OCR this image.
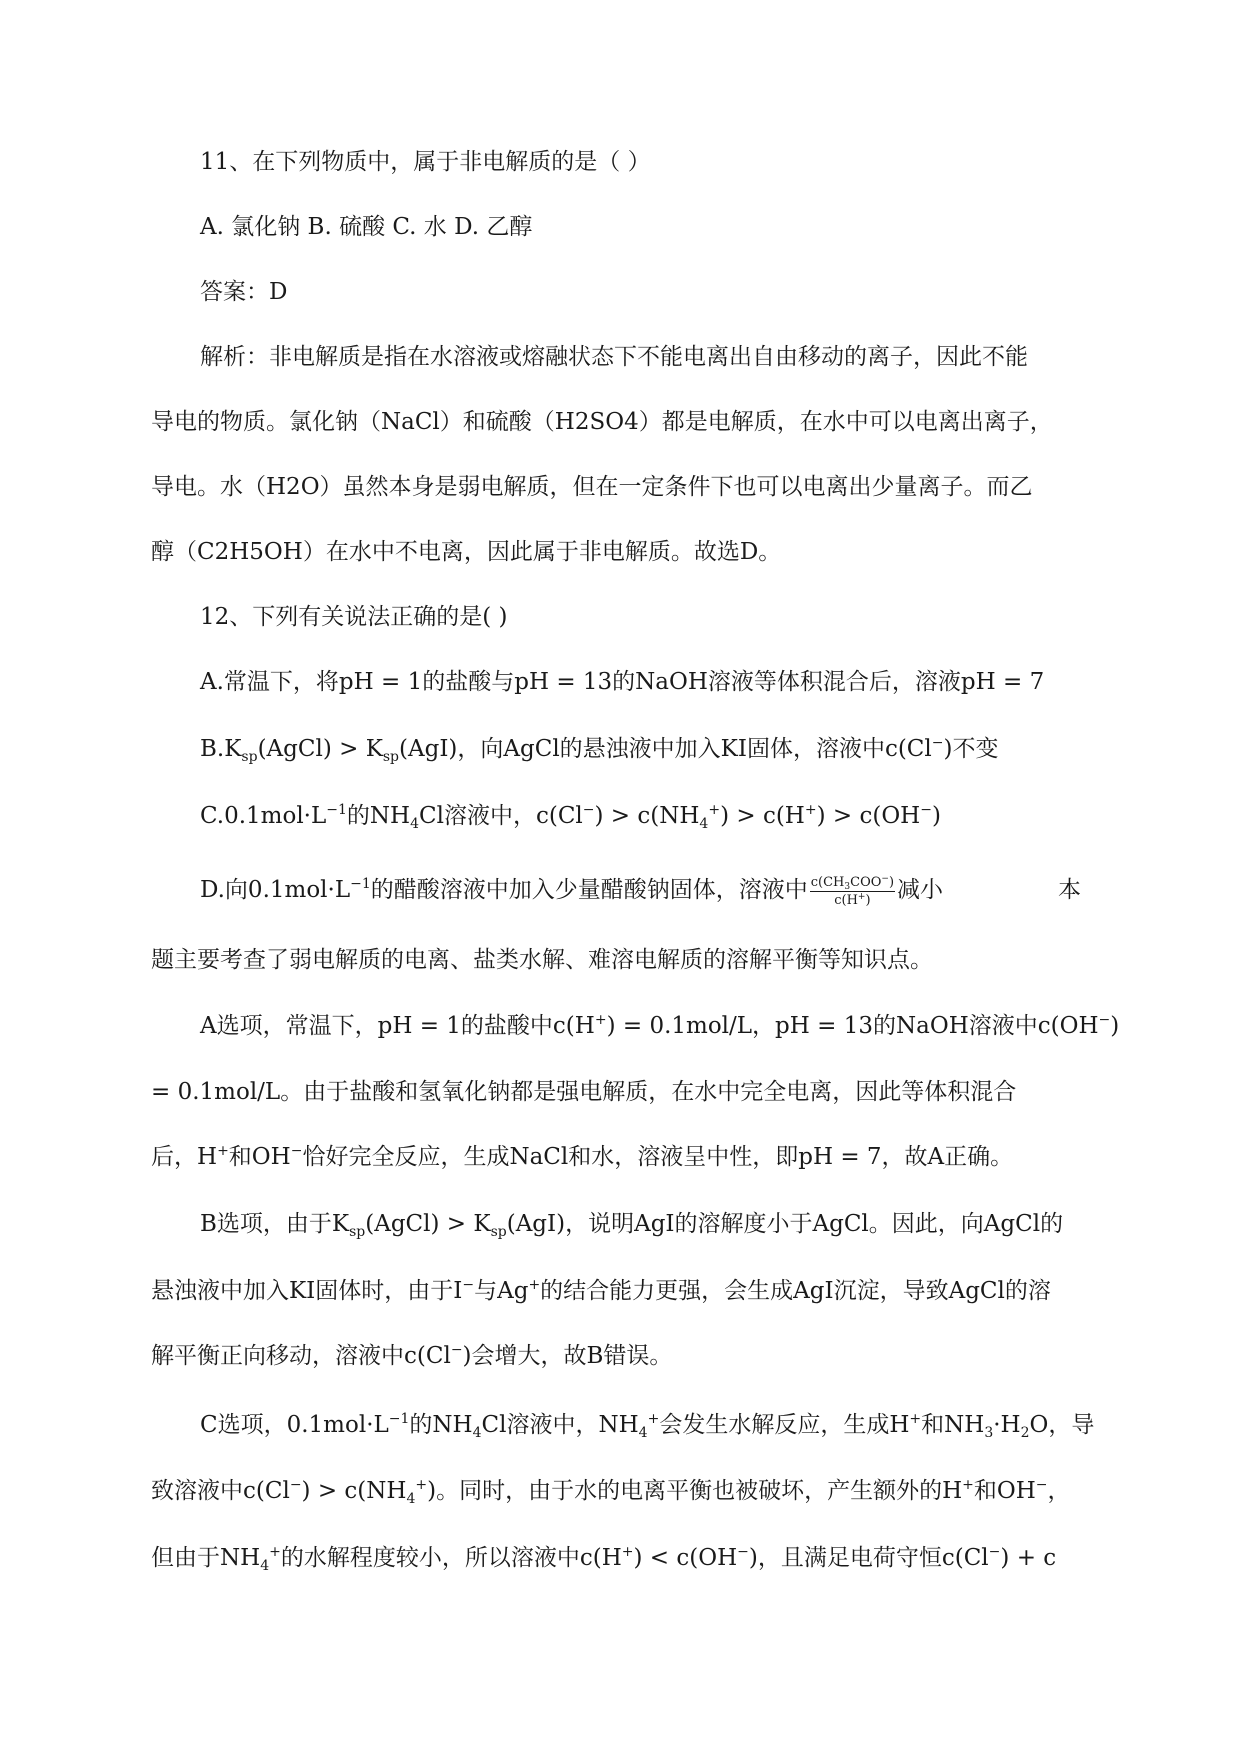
11、在下列物质中，属于非电解质的是（ ）
A. 氯化钠 B. 硫酸 C. 水 D. 乙醇
答案：D
解析：非电解质是指在水溶液或熔融状态下不能电离出自由移动的离子，因此不能
导电的物质。氯化钠（NaCl）和硫酸（H2SO4）都是电解质，在水中可以电离出离子，
导电。水（H2O）虽然本身是弱电解质，但在一定条件下也可以电离出少量离子。而乙
醇（C2H5OH）在水中不电离，因此属于非电解质。故选D。
12、下列有关说法正确的是( )
A.常温下，将pH = 1的盐酸与pH = 13的NaOH溶液等体积混合后，溶液pH = 7
$B.K_{sp}(AgCl) > K_{sp}(AgI)$，向AgCl的悬浊液中加入KI固体，溶液中c(Cl−)不变
$C.0.1mol\cdot L^{-1}$的$NH_4Cl$溶液中，$c(Cl^-) > c(NH_4^+) > c(H^+) > c(OH^-)$
D.向$0.1mol\cdot L^{-1}$的醋酸溶液中加入少量醋酸钠固体，溶液中 $\frac{c(CH_3COO^-)}{c(H^+)}$ 减小	本
题主要考查了弱电解质的电离、盐类水解、难溶电解质的溶解平衡等知识点。
A选项，常温下，pH = 1的盐酸中c(H+) = 0.1mol/L，pH = 13的NaOH溶液中c(OH−)
= 0.1mol/L。由于盐酸和氢氧化钠都是强电解质，在水中完全电离，因此等体积混合
后，H+和OH−恰好完全反应，生成NaCl和水，溶液呈中性，即pH = 7，故A正确。
B选项，由于$K_{sp}(AgCl) > K_{sp}(AgI)$，说明AgI的溶解度小于AgCl。因此，向AgCl的
悬浊液中加入KI固体时，由于I−与Ag+的结合能力更强，会生成AgI沉淀，导致AgCl的溶
解平衡正向移动，溶液中c(Cl−)会增大，故B错误。
C选项，$0.1mol\cdot L^{-1}$的$NH_4Cl$溶液中，$NH_4^+$会发生水解反应，生成H+和$NH_3\cdot H_2O$，导
致溶液中$c(Cl^-) > c(NH_4^+)$。同时，由于水的电离平衡也被破坏，产生额外的H+和OH−，
但由于$NH_4^+$的水解程度较小，所以溶液中c(H+) < c(OH−)，且满足电荷守恒c(Cl−) + c
